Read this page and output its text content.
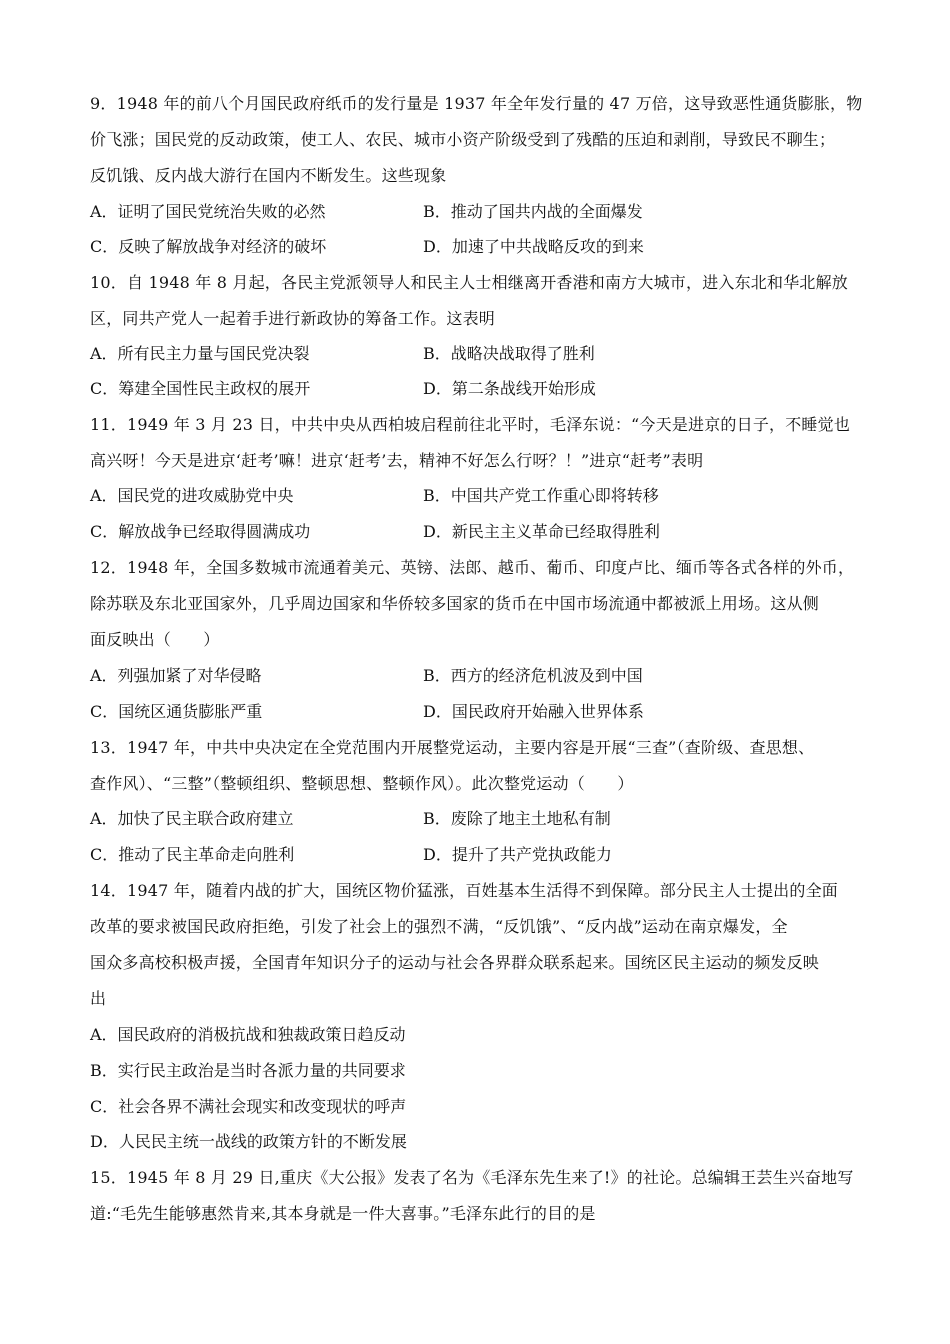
9．1948 年的前八个月国民政府纸币的发行量是 1937 年全年发行量的 47 万倍，这导致恶性通货膨胀，物
价飞涨；国民党的反动政策，使工人、农民、城市小资产阶级受到了残酷的压迫和剥削，导致民不聊生；
反饥饿、反内战大游行在国内不断发生。这些现象
A．证明了国民党统治失败的必然	B．推动了国共内战的全面爆发
C．反映了解放战争对经济的破坏	D．加速了中共战略反攻的到来
10．自 1948 年 8 月起，各民主党派领导人和民主人士相继离开香港和南方大城市，进入东北和华北解放
区，同共产党人一起着手进行新政协的筹备工作。这表明
A．所有民主力量与国民党决裂	B．战略决战取得了胜利
C．筹建全国性民主政权的展开	D．第二条战线开始形成
11．1949 年 3 月 23 日，中共中央从西柏坡启程前往北平时，毛泽东说：“今天是进京的日子，不睡觉也
高兴呀！今天是进京‘赶考’嘛！进京‘赶考’去，精神不好怎么行呀？！”进京“赶考”表明
A．国民党的进攻威胁党中央	B．中国共产党工作重心即将转移
C．解放战争已经取得圆满成功	D．新民主主义革命已经取得胜利
12．1948 年，全国多数城市流通着美元、英镑、法郎、越币、葡币、印度卢比、缅币等各式各样的外币，
除苏联及东北亚国家外，几乎周边国家和华侨较多国家的货币在中国市场流通中都被派上用场。这从侧
面反映出（　　）
A．列强加紧了对华侵略	B．西方的经济危机波及到中国
C．国统区通货膨胀严重	D．国民政府开始融入世界体系
13．1947 年，中共中央决定在全党范围内开展整党运动，主要内容是开展“三查”（查阶级、查思想、
查作风）、“三整”（整顿组织、整顿思想、整顿作风）。此次整党运动（　　）
A．加快了民主联合政府建立	B．废除了地主土地私有制
C．推动了民主革命走向胜利	D．提升了共产党执政能力
14．1947 年，随着内战的扩大，国统区物价猛涨，百姓基本生活得不到保障。部分民主人士提出的全面
改革的要求被国民政府拒绝，引发了社会上的强烈不满，“反饥饿”、“反内战”运动在南京爆发，全
国众多高校积极声援，全国青年知识分子的运动与社会各界群众联系起来。国统区民主运动的频发反映
出
A．国民政府的消极抗战和独裁政策日趋反动
B．实行民主政治是当时各派力量的共同要求
C．社会各界不满社会现实和改变现状的呼声
D．人民民主统一战线的政策方针的不断发展
15．1945 年 8 月 29 日,重庆《大公报》发表了名为《毛泽东先生来了!》的社论。总编辑王芸生兴奋地写
道:“毛先生能够惠然肯来,其本身就是一件大喜事。”毛泽东此行的目的是
